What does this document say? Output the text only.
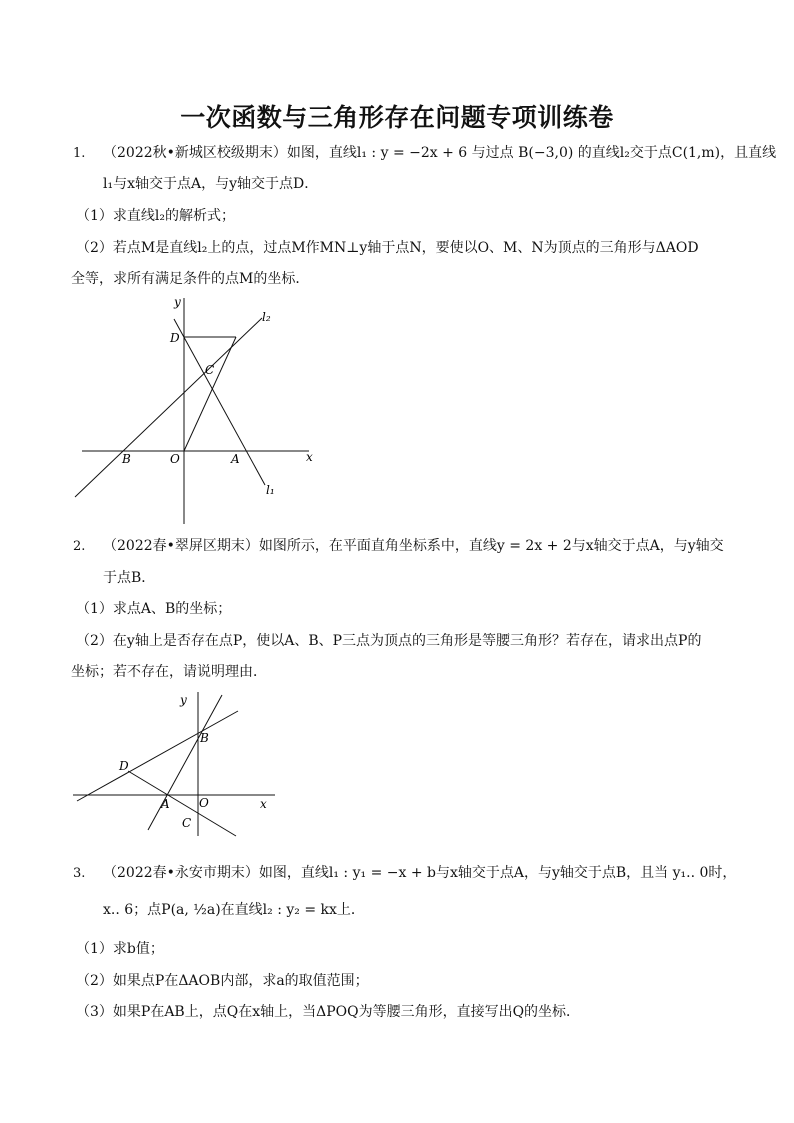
一次函数与三角形存在问题专项训练卷
1. （2022秋•新城区校级期末）如图，直线l₁ : y = −2x + 6 与过点 B(−3,0) 的直线l₂交于点C(1,m)，且直线
l₁与x轴交于点A，与y轴交于点D．
（1）求直线l₂的解析式；
（2）若点M是直线l₂上的点，过点M作MN⊥y轴于点N，要使以O、M、N为顶点的三角形与ΔAOD
全等，求所有满足条件的点M的坐标．
y
x
D
C
O	A
B
l₂
l₁
y
x
B
D
A O
C
2. （2022春•翠屏区期末）如图所示，在平面直角坐标系中，直线y = 2x + 2与x轴交于点A，与y轴交
于点B．
（1）求点A、B的坐标；
（2）在y轴上是否存在点P，使以A、B、P三点为顶点的三角形是等腰三角形？若存在，请求出点P的
坐标；若不存在，请说明理由．
3. （2022春•永安市期末）如图，直线l₁ : y₁ = −x + b与x轴交于点A，与y轴交于点B，且当 y₁.. 0时，
x.. 6；点P(a, ½a)在直线l₂ : y₂ = kx上．
（1）求b值；
（2）如果点P在ΔAOB内部，求a的取值范围；
（3）如果P在AB上，点Q在x轴上，当ΔPOQ为等腰三角形，直接写出Q的坐标．
